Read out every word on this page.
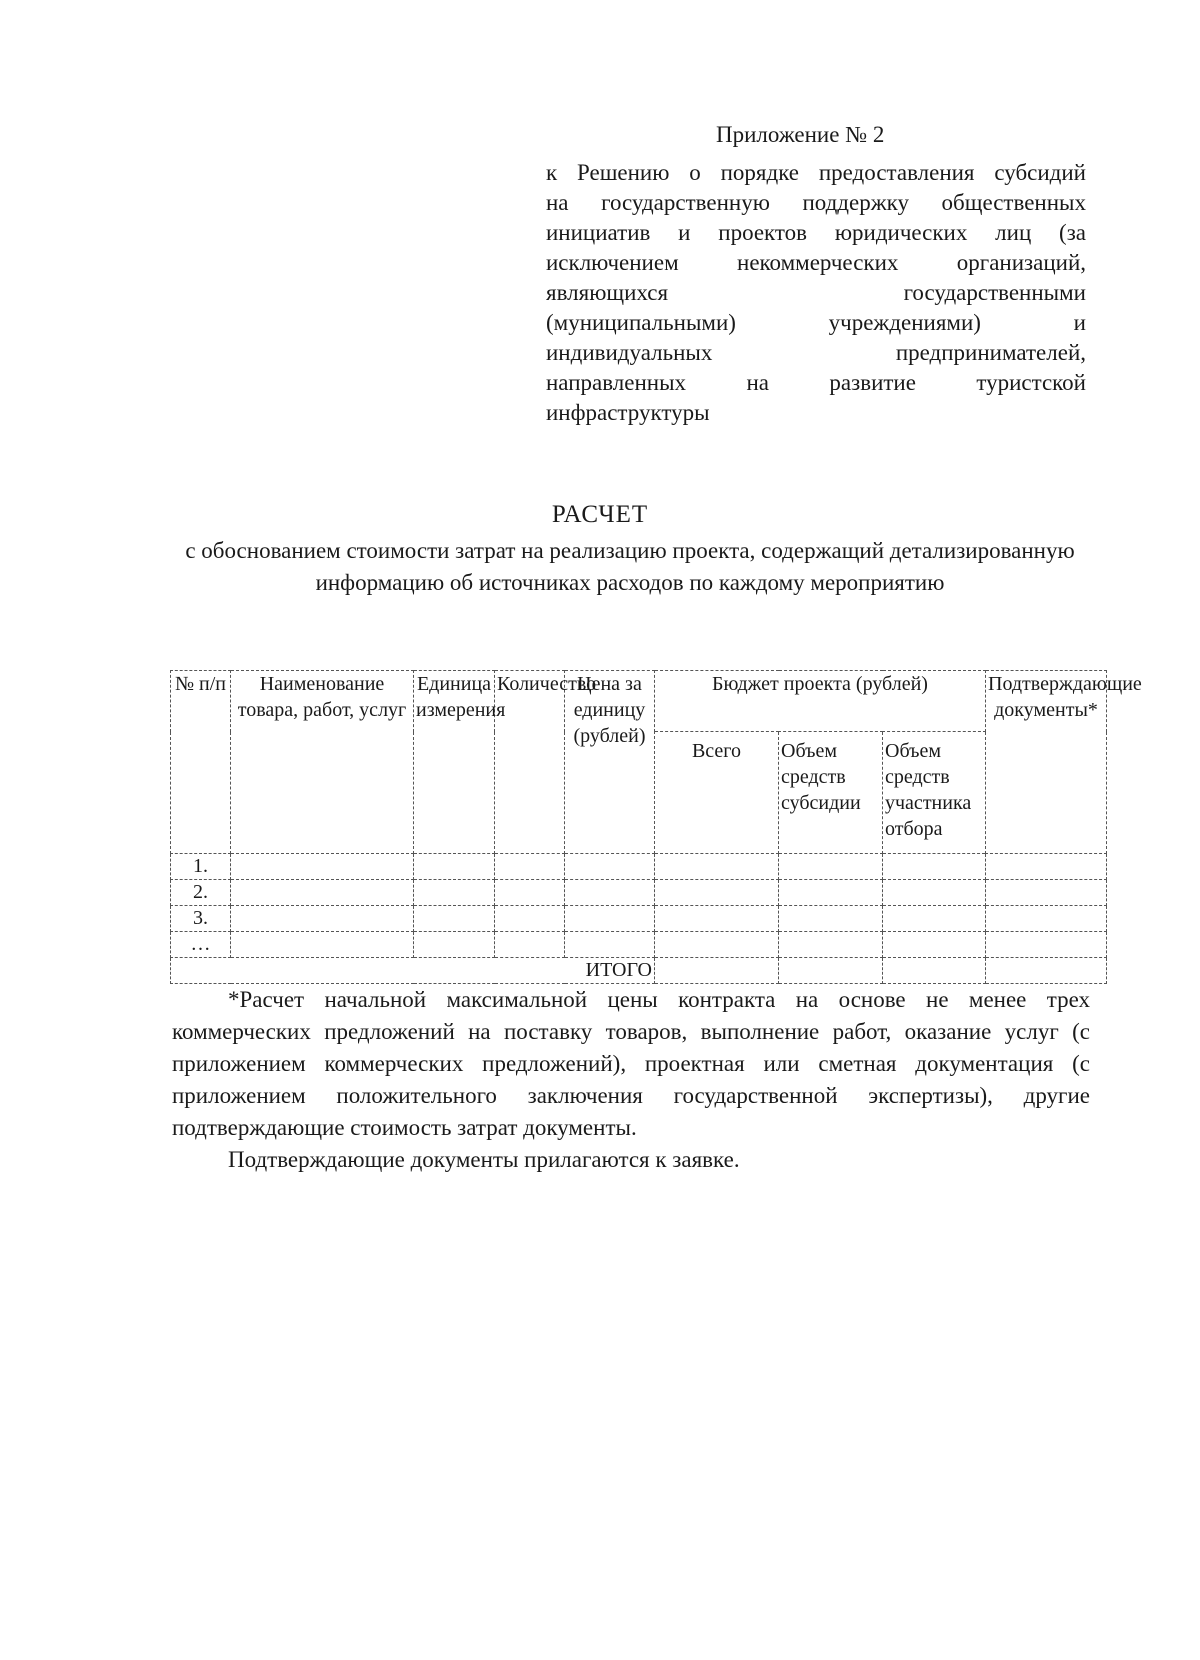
Приложение № 2
к Решению о порядке предоставления субсидий
на государственную поддержку общественных
инициатив и проектов юридических лиц (за
исключением некоммерческих организаций,
являющихся государственными
(муниципальными) учреждениями) и
индивидуальных предпринимателей,
направленных на развитие туристской
инфраструктуры
РАСЧЕТ
с обоснованием стоимости затрат на реализацию проекта, содержащий детализированную информацию об источниках расходов по каждому мероприятию
№ п/п	Наименование товара, работ, услуг	Единица измерения	Количество	Цена за единицу (рублей)	Бюджет проекта (рублей)			Подтверждающие документы*
					Всего	Объем средств субсидии	Объем средств участника отбора	
1.								
2.								
3.								
…								
ИТОГО								

*Расчет начальной максимальной цены контракта на основе не менее трех коммерческих предложений на поставку товаров, выполнение работ, оказание услуг (с приложением коммерческих предложений), проектная или сметная документация (с приложением положительного заключения государственной экспертизы), другие подтверждающие стоимость затрат документы.

Подтверждающие документы прилагаются к заявке.
